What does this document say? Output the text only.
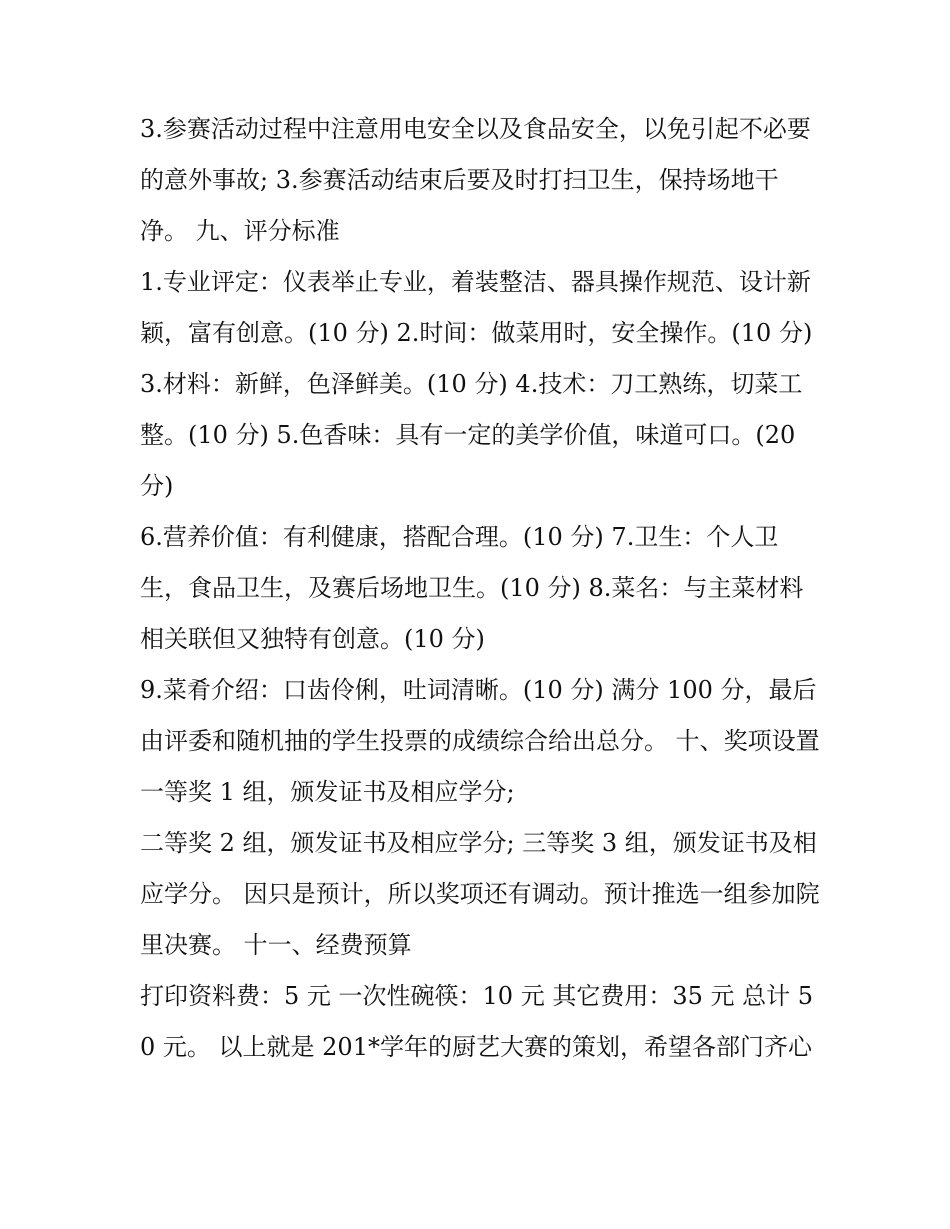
3.参赛活动过程中注意用电安全以及食品安全，以免引起不必要的意外事故; 3.参赛活动结束后要及时打扫卫生，保持场地干净。 九、评分标准

1.专业评定：仪表举止专业，着装整洁、器具操作规范、设计新颖，富有创意。(10 分) 2.时间：做菜用时，安全操作。(10 分)

3.材料：新鲜，色泽鲜美。(10 分) 4.技术：刀工熟练，切菜工整。(10 分) 5.色香味：具有一定的美学价值，味道可口。(20 分)

6.营养价值：有利健康，搭配合理。(10 分) 7.卫生：个人卫生，食品卫生，及赛后场地卫生。(10 分) 8.菜名：与主菜材料相关联但又独特有创意。(10 分)

9.菜肴介绍：口齿伶俐，吐词清晰。(10 分) 满分 100 分，最后由评委和随机抽的学生投票的成绩综合给出总分。 十、奖项设置 一等奖 1 组，颁发证书及相应学分;

二等奖 2 组，颁发证书及相应学分; 三等奖 3 组，颁发证书及相应学分。 因只是预计，所以奖项还有调动。预计推选一组参加院里决赛。 十一、经费预算

打印资料费：5 元 一次性碗筷：10 元 其它费用：35 元 总计 50 元。 以上就是 201*学年的厨艺大赛的策划，希望各部门齐心
